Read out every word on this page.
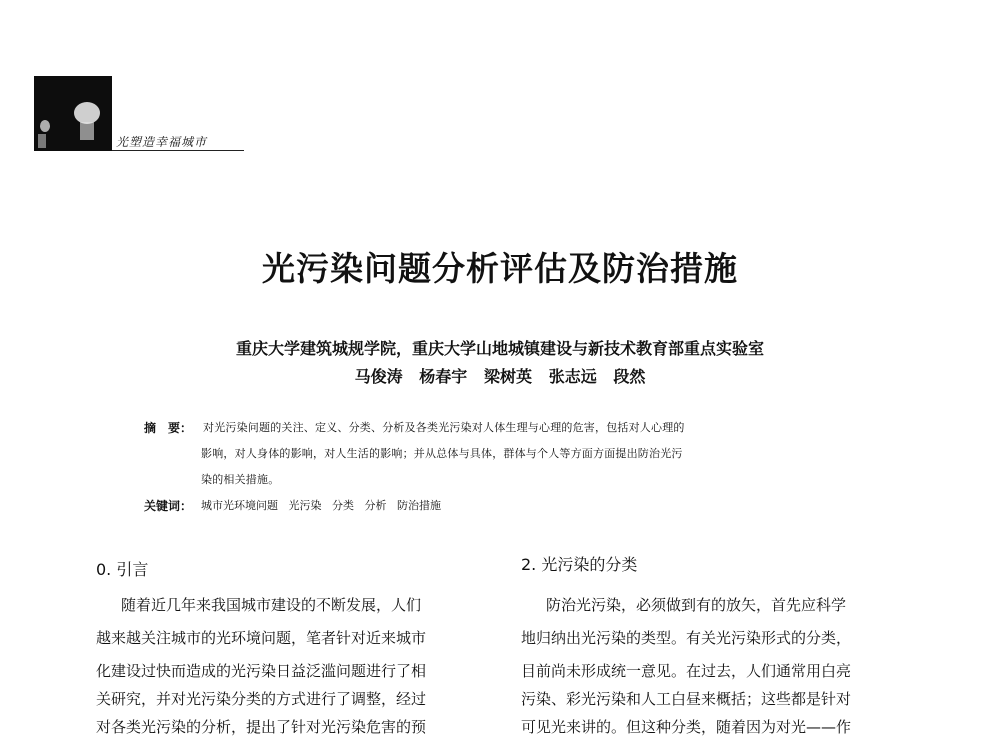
光塑造幸福城市
光污染问题分析评估及防治措施
重庆大学建筑城规学院，重庆大学山地城镇建设与新技术教育部重点实验室
马俊涛   杨春宇   梁树英   张志远   段然
摘　要： 对光污染问题的关注、定义、分类、分析及各类光污染对人体生理与心理的危害，包括对人心理的
影响，对人身体的影响，对人生活的影响；并从总体与具体，群体与个人等方面方面提出防治光污
染的相关措施。
关键词： 城市光环境问题   光污染   分类   分析   防治措施
0. 引言
随着近几年来我国城市建设的不断发展，人们
越来越关注城市的光环境问题，笔者针对近来城市
化建设过快而造成的光污染日益泛滥问题进行了相
关研究，并对光污染分类的方式进行了调整，经过
对各类光污染的分析，提出了针对光污染危害的预
2. 光污染的分类
防治光污染，必须做到有的放矢，首先应科学
地归纳出光污染的类型。有关光污染形式的分类，
目前尚未形成统一意见。在过去，人们通常用白亮
污染、彩光污染和人工白昼来概括；这些都是针对
可见光来讲的。但这种分类，随着因为对光——作
